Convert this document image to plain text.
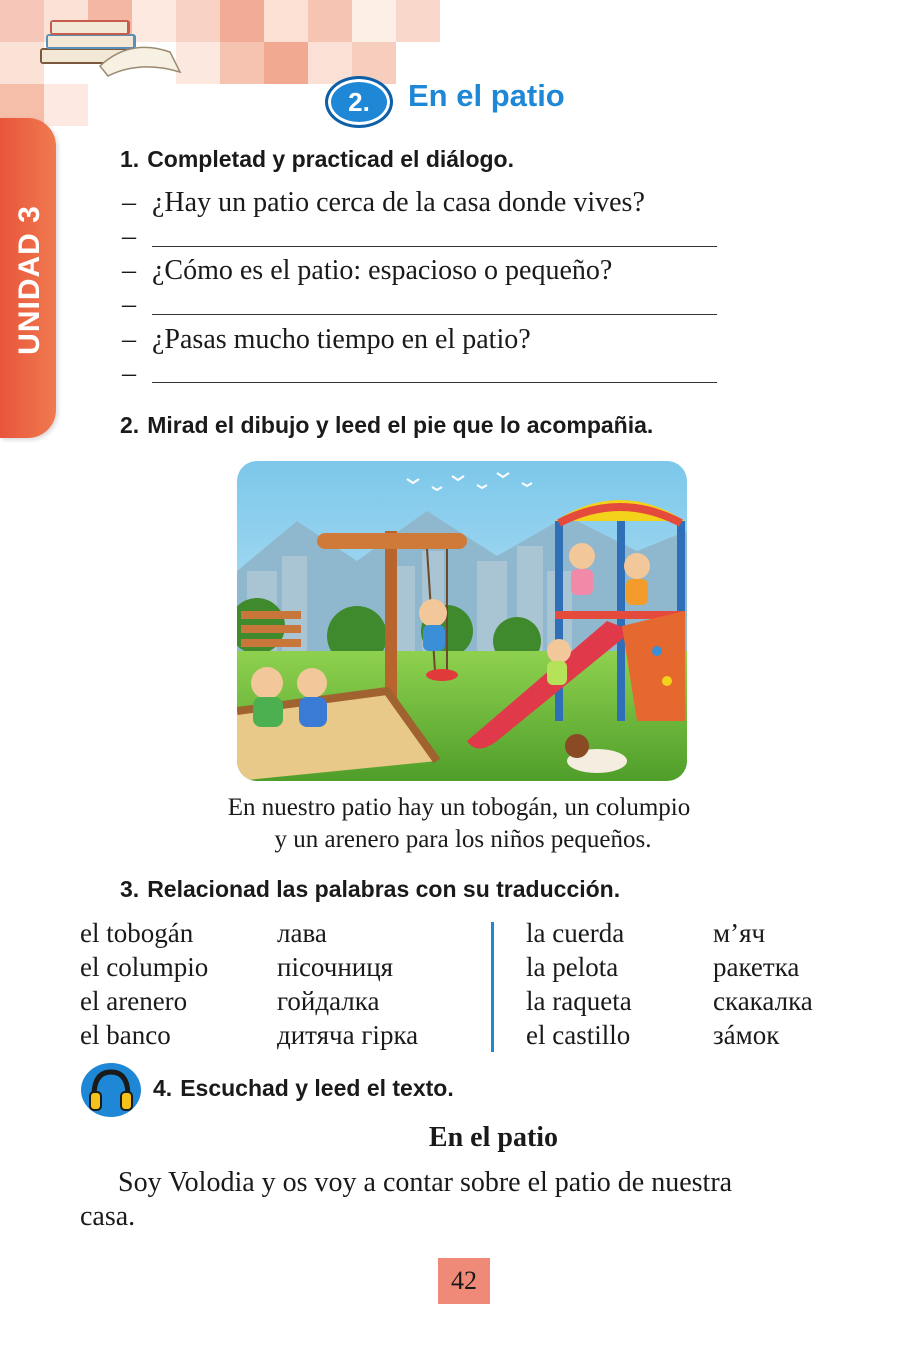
UNIDAD 3
2.	En el patio
1. Completad y practicad el diálogo.
– ¿Hay un patio cerca de la casa donde vives?
–
– ¿Cómo es el patio: espacioso o pequeño?
–
– ¿Pasas mucho tiempo en el patio?
–
2. Mirad el dibujo y leed el pie que lo acompañia.
En nuestro patio hay un tobogán, un columpio
y un arenero para los niños pequeños.
3. Relacionad las palabras con su traducción.
el tobogán
el columpio
el arenero
el banco
лава
пісочниця
гойдалка
дитяча гірка
la cuerda
la pelota
la raqueta
el castillo
м’яч
ракетка
скакалка
зáмок
4. Escuchad y leed el texto.
En el patio
Soy Volodia y os voy a contar sobre el patio de nuestra
casa.
42
